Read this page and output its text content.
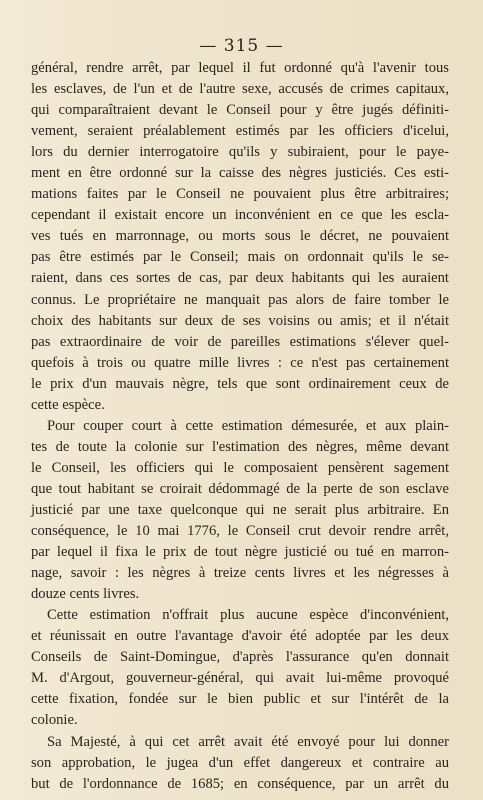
— 315 —
général, rendre arrêt, par lequel il fut ordonné qu'à l'avenir tous
les esclaves, de l'un et de l'autre sexe, accusés de crimes capitaux,
qui comparaîtraient devant le Conseil pour y être jugés définiti-
vement, seraient préalablement estimés par les officiers d'icelui,
lors du dernier interrogatoire qu'ils y subiraient, pour le paye-
ment en être ordonné sur la caisse des nègres justiciés. Ces esti-
mations faites par le Conseil ne pouvaient plus être arbitraires;
cependant il existait encore un inconvénient en ce que les escla-
ves tués en marronnage, ou morts sous le décret, ne pouvaient
pas être estimés par le Conseil; mais on ordonnait qu'ils le se-
raient, dans ces sortes de cas, par deux habitants qui les auraient
connus. Le propriétaire ne manquait pas alors de faire tomber le
choix des habitants sur deux de ses voisins ou amis; et il n'était
pas extraordinaire de voir de pareilles estimations s'élever quel-
quefois à trois ou quatre mille livres : ce n'est pas certainement
le prix d'un mauvais nègre, tels que sont ordinairement ceux de
cette espèce.
Pour couper court à cette estimation démesurée, et aux plain-
tes de toute la colonie sur l'estimation des nègres, même devant
le Conseil, les officiers qui le composaient pensèrent sagement
que tout habitant se croirait dédommagé de la perte de son esclave
justicié par une taxe quelconque qui ne serait plus arbitraire. En
conséquence, le 10 mai 1776, le Conseil crut devoir rendre arrêt,
par lequel il fixa le prix de tout nègre justicié ou tué en marron-
nage, savoir : les nègres à treize cents livres et les négresses à
douze cents livres.
Cette estimation n'offrait plus aucune espèce d'inconvénient,
et réunissait en outre l'avantage d'avoir été adoptée par les deux
Conseils de Saint-Domingue, d'après l'assurance qu'en donnait
M. d'Argout, gouverneur-général, qui avait lui-même provoqué
cette fixation, fondée sur le bien public et sur l'intérêt de la
colonie.
Sa Majesté, à qui cet arrêt avait été envoyé pour lui donner
son approbation, le jugea d'un effet dangereux et contraire au
but de l'ordonnance de 1685; en conséquence, par un arrêt du
